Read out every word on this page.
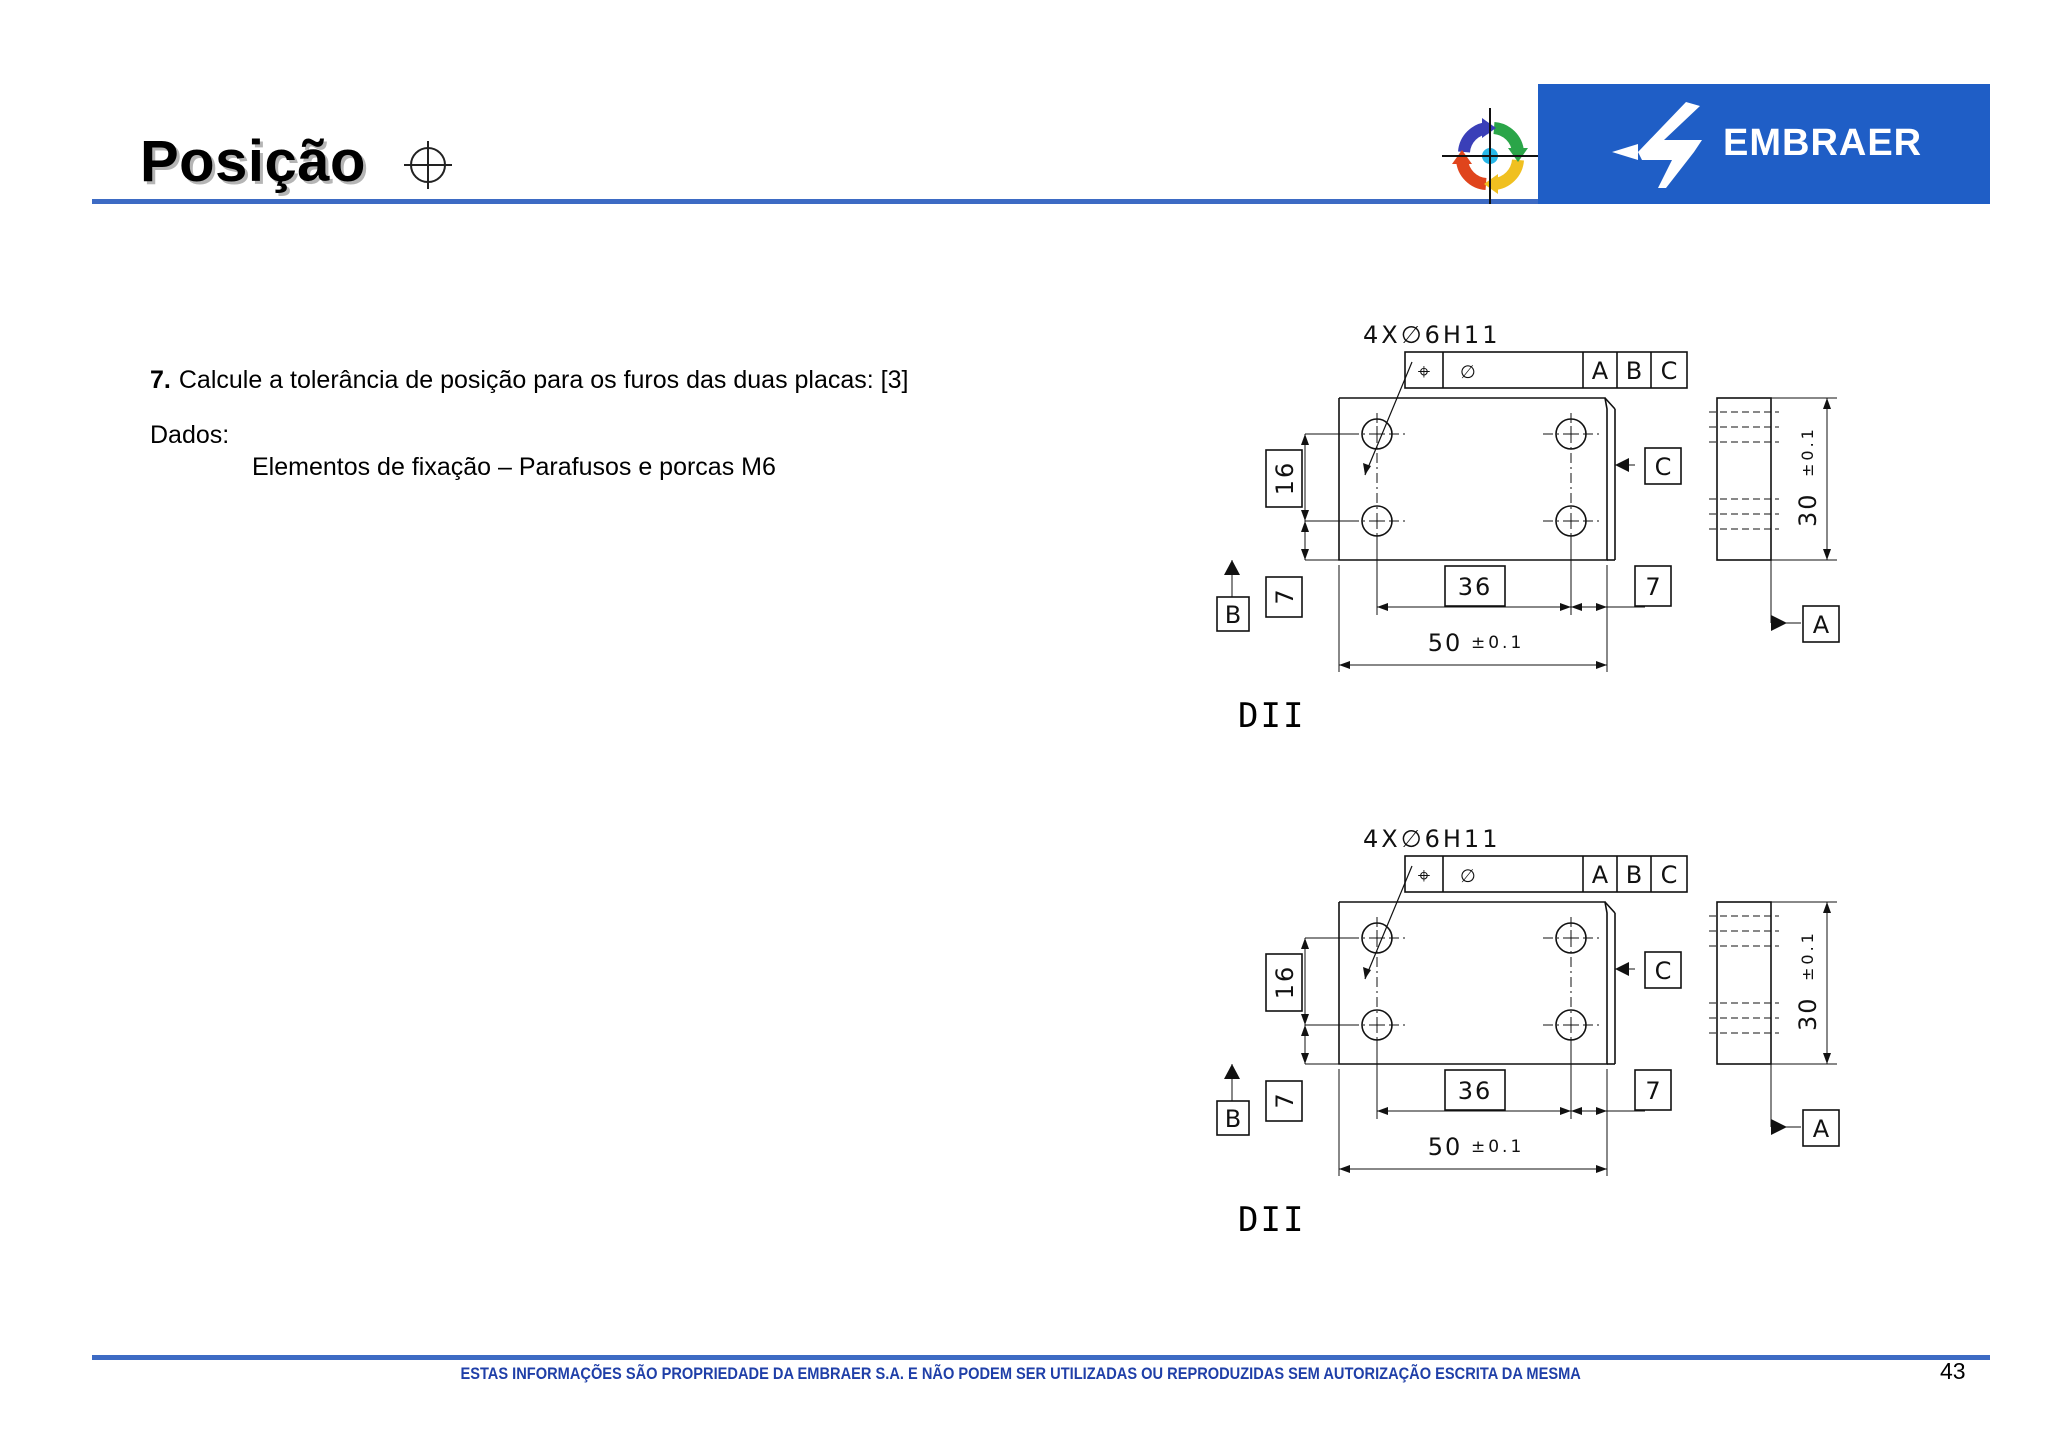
Posição	EMBRAER
7. Calcule a tolerância de posição para os furos das duas placas: [3]
Dados:
Elementos de fixação – Parafusos e porcas M6
4X∅6H11
⌖ ∅	A B C
16
7
B
36	7
50 ±0.1
C
30
±0.1
A
DII
4X∅6H11
⌖ ∅	A B C
16
7
B
36	7
50 ±0.1
C
30
±0.1
A
DII
ESTAS INFORMAÇÕES SÃO PROPRIEDADE DA EMBRAER S.A. E NÃO PODEM SER UTILIZADAS OU REPRODUZIDAS SEM AUTORIZAÇÃO ESCRITA DA MESMA	43
